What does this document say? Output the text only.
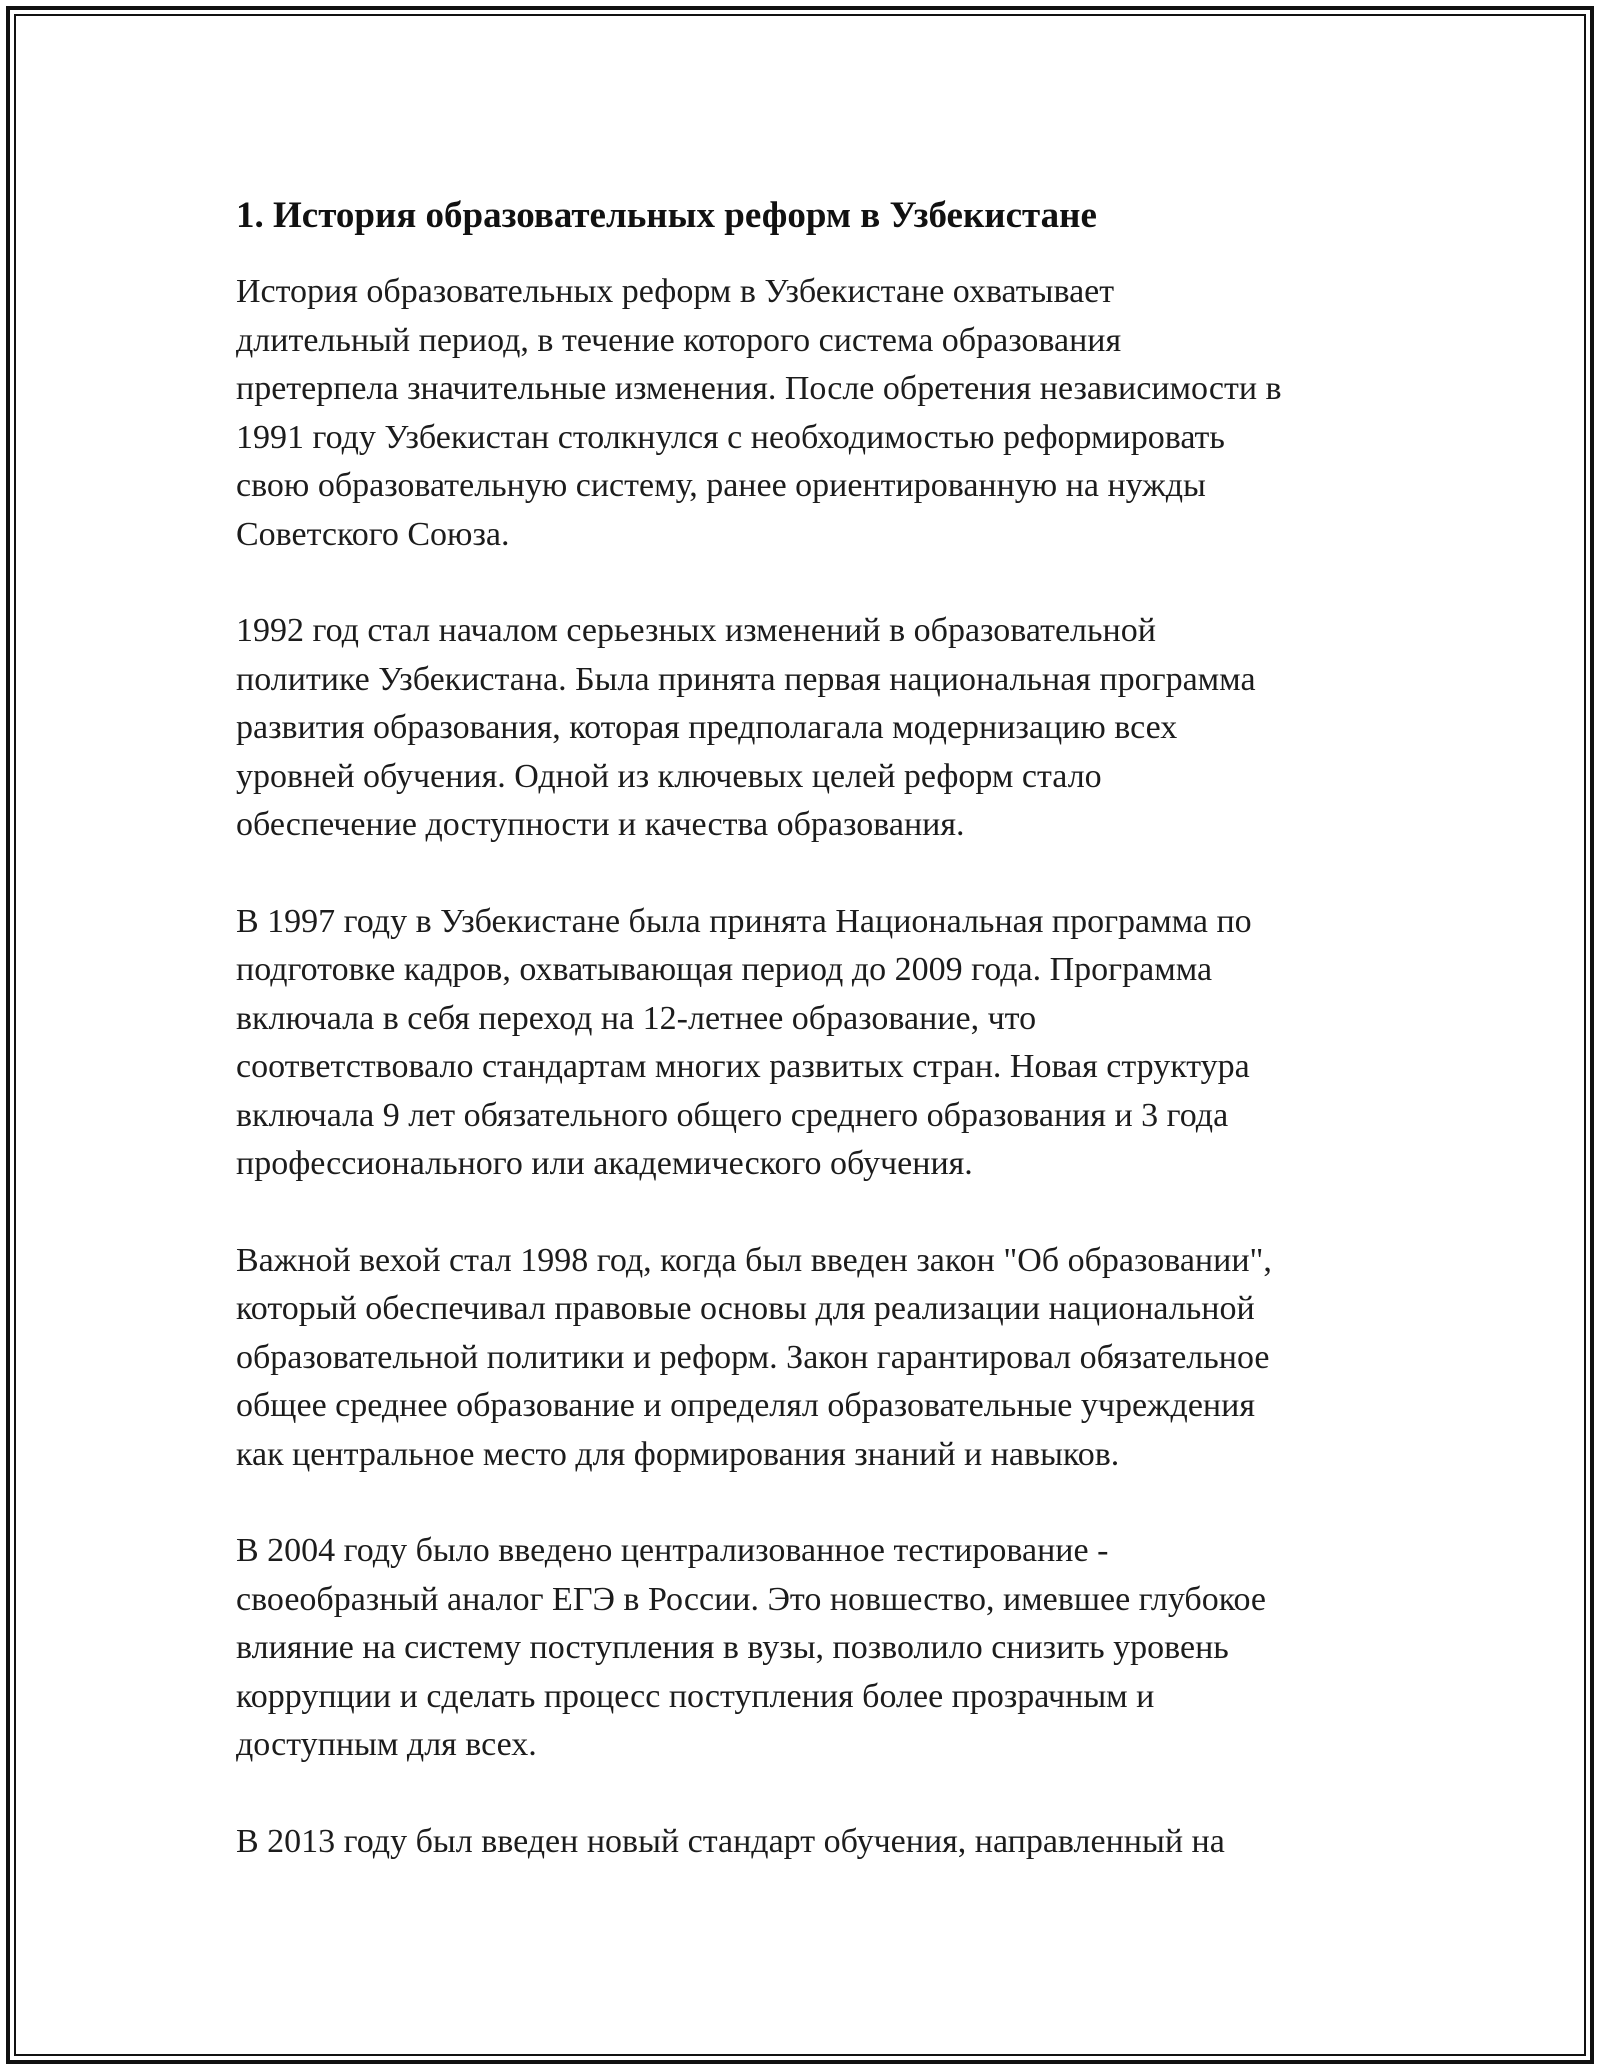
1. История образовательных реформ в Узбекистане

История образовательных реформ в Узбекистане охватывает
длительный период, в течение которого система образования
претерпела значительные изменения. После обретения независимости в
1991 году Узбекистан столкнулся с необходимостью реформировать
свою образовательную систему, ранее ориентированную на нужды
Советского Союза.

1992 год стал началом серьезных изменений в образовательной
политике Узбекистана. Была принята первая национальная программа
развития образования, которая предполагала модернизацию всех
уровней обучения. Одной из ключевых целей реформ стало
обеспечение доступности и качества образования.

В 1997 году в Узбекистане была принята Национальная программа по
подготовке кадров, охватывающая период до 2009 года. Программа
включала в себя переход на 12-летнее образование, что
соответствовало стандартам многих развитых стран. Новая структура
включала 9 лет обязательного общего среднего образования и 3 года
профессионального или академического обучения.

Важной вехой стал 1998 год, когда был введен закон "Об образовании",
который обеспечивал правовые основы для реализации национальной
образовательной политики и реформ. Закон гарантировал обязательное
общее среднее образование и определял образовательные учреждения
как центральное место для формирования знаний и навыков.

В 2004 году было введено централизованное тестирование -
своеобразный аналог ЕГЭ в России. Это новшество, имевшее глубокое
влияние на систему поступления в вузы, позволило снизить уровень
коррупции и сделать процесс поступления более прозрачным и
доступным для всех.

В 2013 году был введен новый стандарт обучения, направленный на
